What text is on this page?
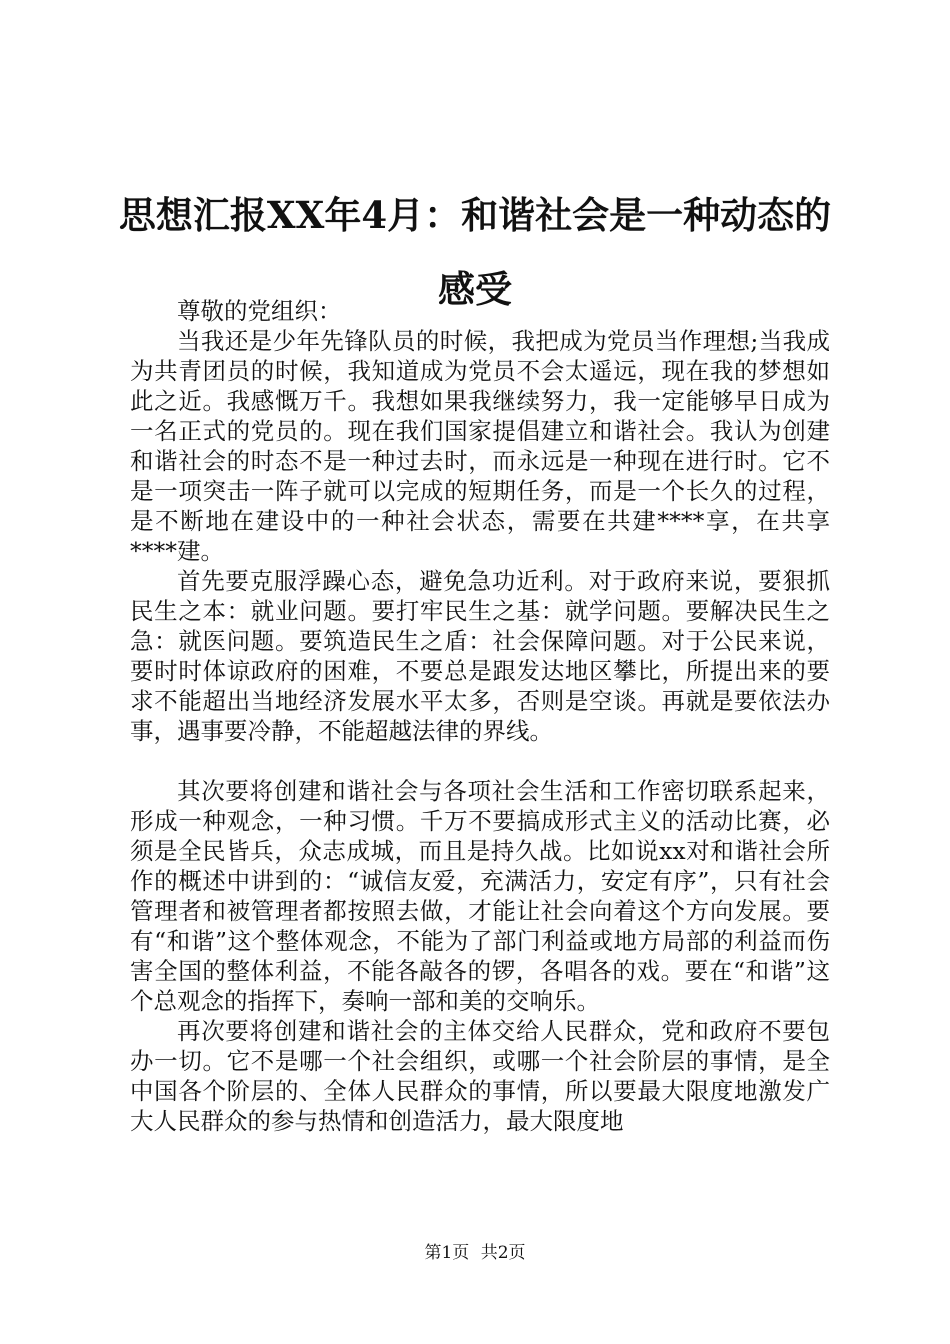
思想汇报XX年4月：和谐社会是一种动态的
感受

尊敬的党组织：

当我还是少年先锋队员的时候，我把成为党员当作理想;当我成为共青团员的时候，我知道成为党员不会太遥远，现在我的梦想如此之近。我感慨万千。我想如果我继续努力，我一定能够早日成为一名正式的党员的。现在我们国家提倡建立和谐社会。我认为创建和谐社会的时态不是一种过去时，而永远是一种现在进行时。它不是一项突击一阵子就可以完成的短期任务，而是一个长久的过程，是不断地在建设中的一种社会状态，需要在共建****享，在共享****建。

首先要克服浮躁心态，避免急功近利。对于政府来说，要狠抓民生之本：就业问题。要打牢民生之基：就学问题。要解决民生之急：就医问题。要筑造民生之盾：社会保障问题。对于公民来说，要时时体谅政府的困难，不要总是跟发达地区攀比，所提出来的要求不能超出当地经济发展水平太多，否则是空谈。再就是要依法办事，遇事要冷静，不能超越法律的界线。

其次要将创建和谐社会与各项社会生活和工作密切联系起来，形成一种观念，一种习惯。千万不要搞成形式主义的活动比赛，必须是全民皆兵，众志成城，而且是持久战。比如说xx对和谐社会所作的概述中讲到的：“诚信友爱，充满活力，安定有序”，只有社会管理者和被管理者都按照去做，才能让社会向着这个方向发展。要有“和谐”这个整体观念，不能为了部门利益或地方局部的利益而伤害全国的整体利益，不能各敲各的锣，各唱各的戏。要在“和谐”这个总观念的指挥下，奏响一部和美的交响乐。

再次要将创建和谐社会的主体交给人民群众，党和政府不要包办一切。它不是哪一个社会组织，或哪一个社会阶层的事情，是全中国各个阶层的、全体人民群众的事情，所以要最大限度地激发广大人民群众的参与热情和创造活力，最大限度地

第1页 共2页
